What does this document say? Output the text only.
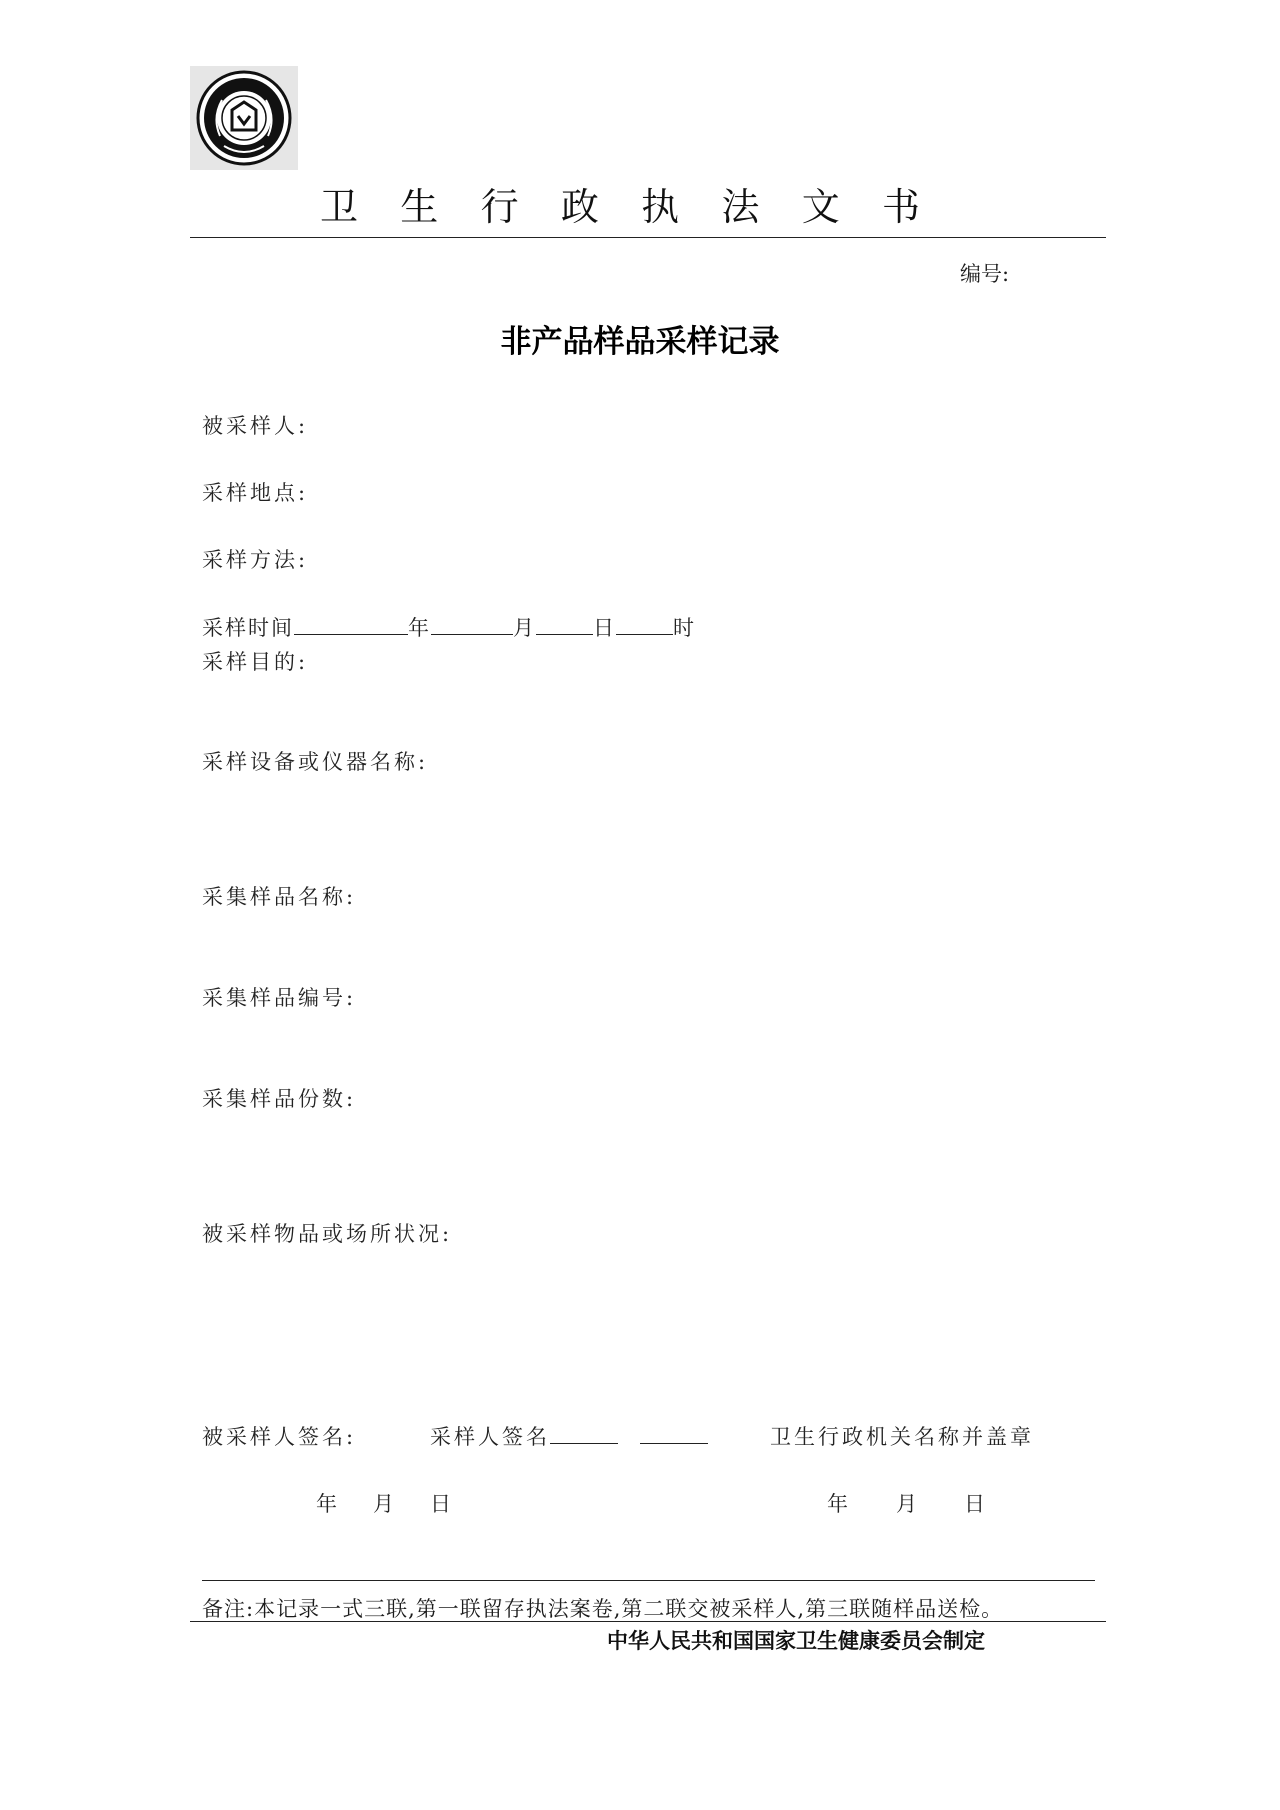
卫 生 行 政 执 法 文 书
编号:
非产品样品采样记录
被采样人:
采样地点:
采样方法:
采样时间	年	月	日	时
采样目的:
采样设备或仪器名称:
采集样品名称:
采集样品编号:
采集样品份数:
被采样物品或场所状况:
被采样人签名:	采样人签名	卫生行政机关名称并盖章
年 月 日	年 月 日
备注:本记录一式三联,第一联留存执法案卷,第二联交被采样人,第三联随样品送检。
中华人民共和国国家卫生健康委员会制定
